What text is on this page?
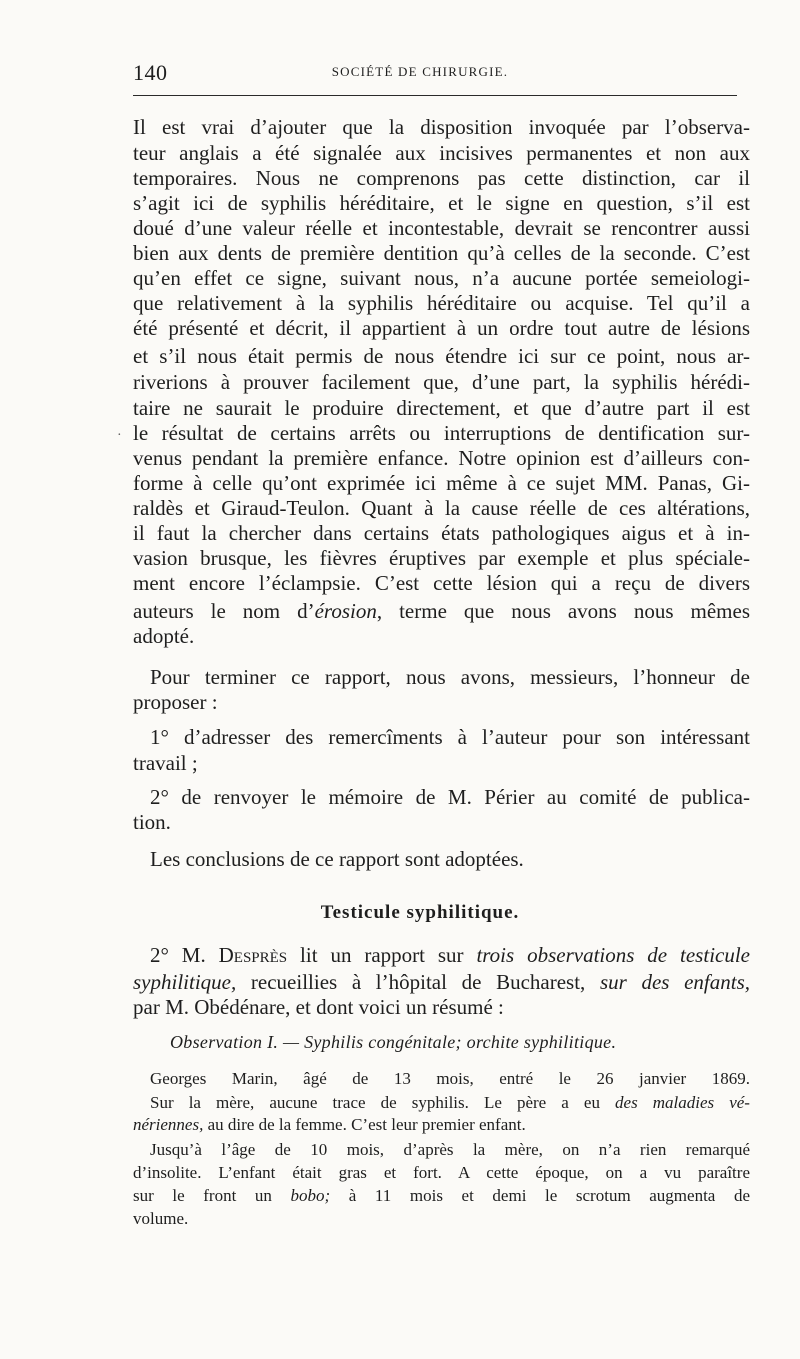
140	SOCIÉTÉ DE CHIRURGIE.
·
Il est vrai d’ajouter que la disposition invoquée par l’observa-
teur anglais a été signalée aux incisives permanentes et non aux
temporaires. Nous ne comprenons pas cette distinction, car il
s’agit ici de syphilis héréditaire, et le signe en question, s’il est
doué d’une valeur réelle et incontestable, devrait se rencontrer aussi
bien aux dents de première dentition qu’à celles de la seconde. C’est
qu’en effet ce signe, suivant nous, n’a aucune portée semeiologi-
que relativement à la syphilis héréditaire ou acquise. Tel qu’il a
été présenté et décrit, il appartient à un ordre tout autre de lésions
et s’il nous était permis de nous étendre ici sur ce point, nous ar-
riverions à prouver facilement que, d’une part, la syphilis hérédi-
taire ne saurait le produire directement, et que d’autre part il est
le résultat de certains arrêts ou interruptions de dentification sur-
venus pendant la première enfance. Notre opinion est d’ailleurs con-
forme à celle qu’ont exprimée ici même à ce sujet MM. Panas, Gi-
raldès et Giraud-Teulon. Quant à la cause réelle de ces altérations,
il faut la chercher dans certains états pathologiques aigus et à in-
vasion brusque, les fièvres éruptives par exemple et plus spéciale-
ment encore l’éclampsie. C’est cette lésion qui a reçu de divers
auteurs le nom d’érosion, terme que nous avons nous mêmes
adopté.
Pour terminer ce rapport, nous avons, messieurs, l’honneur de
proposer :
1° d’adresser des remercîments à l’auteur pour son intéressant
travail ;
2° de renvoyer le mémoire de M. Périer au comité de publica-
tion.
Les conclusions de ce rapport sont adoptées.
Testicule syphilitique.
2° M. Desprès lit un rapport sur trois observations de testicule
syphilitique, recueillies à l’hôpital de Bucharest, sur des enfants,
par M. Obédénare, et dont voici un résumé :
Observation I. — Syphilis congénitale; orchite syphilitique.
Georges Marin, âgé de 13 mois, entré le 26 janvier 1869.
Sur la mère, aucune trace de syphilis. Le père a eu des maladies vé-
nériennes, au dire de la femme. C’est leur premier enfant.
Jusqu’à l’âge de 10 mois, d’après la mère, on n’a rien remarqué
d’insolite. L’enfant était gras et fort. A cette époque, on a vu paraître
sur le front un bobo; à 11 mois et demi le scrotum augmenta de
volume.
